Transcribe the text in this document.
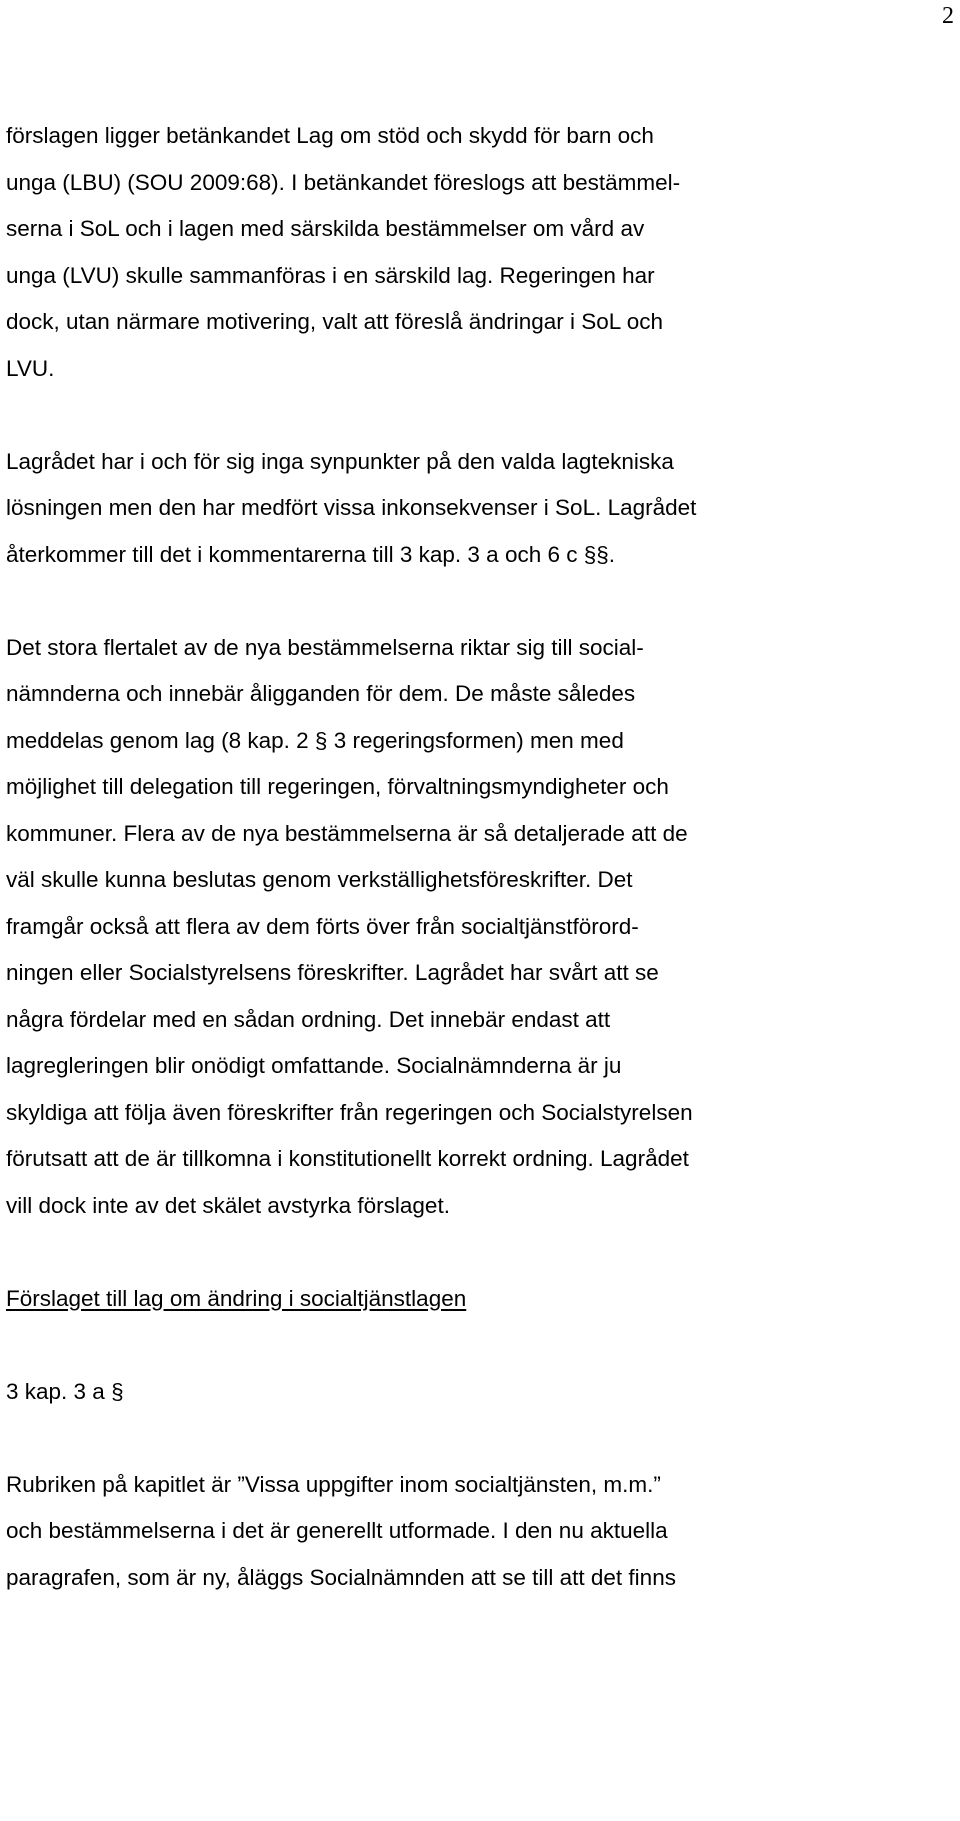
2
förslagen ligger betänkandet Lag om stöd och skydd för barn och
unga (LBU) (SOU 2009:68). I betänkandet föreslogs att bestämmel-
serna i SoL och i lagen med särskilda bestämmelser om vård av
unga (LVU) skulle sammanföras i en särskild lag. Regeringen har
dock, utan närmare motivering, valt att föreslå ändringar i SoL och
LVU.
Lagrådet har i och för sig inga synpunkter på den valda lagtekniska
lösningen men den har medfört vissa inkonsekvenser i SoL. Lagrådet
återkommer till det i kommentarerna till 3 kap. 3 a och 6 c §§.
Det stora flertalet av de nya bestämmelserna riktar sig till social-
nämnderna och innebär åligganden för dem. De måste således
meddelas genom lag (8 kap. 2 § 3 regeringsformen) men med
möjlighet till delegation till regeringen, förvaltningsmyndigheter och
kommuner. Flera av de nya bestämmelserna är så detaljerade att de
väl skulle kunna beslutas genom verkställighetsföreskrifter. Det
framgår också att flera av dem förts över från socialtjänstförord-
ningen eller Socialstyrelsens föreskrifter. Lagrådet har svårt att se
några fördelar med en sådan ordning. Det innebär endast att
lagregleringen blir onödigt omfattande. Socialnämnderna är ju
skyldiga att följa även föreskrifter från regeringen och Socialstyrelsen
förutsatt att de är tillkomna i konstitutionellt korrekt ordning. Lagrådet
vill dock inte av det skälet avstyrka förslaget.
Förslaget till lag om ändring i socialtjänstlagen
3 kap. 3 a §
Rubriken på kapitlet är ”Vissa uppgifter inom socialtjänsten, m.m.”
och bestämmelserna i det är generellt utformade. I den nu aktuella
paragrafen, som är ny, åläggs Socialnämnden att se till att det finns
